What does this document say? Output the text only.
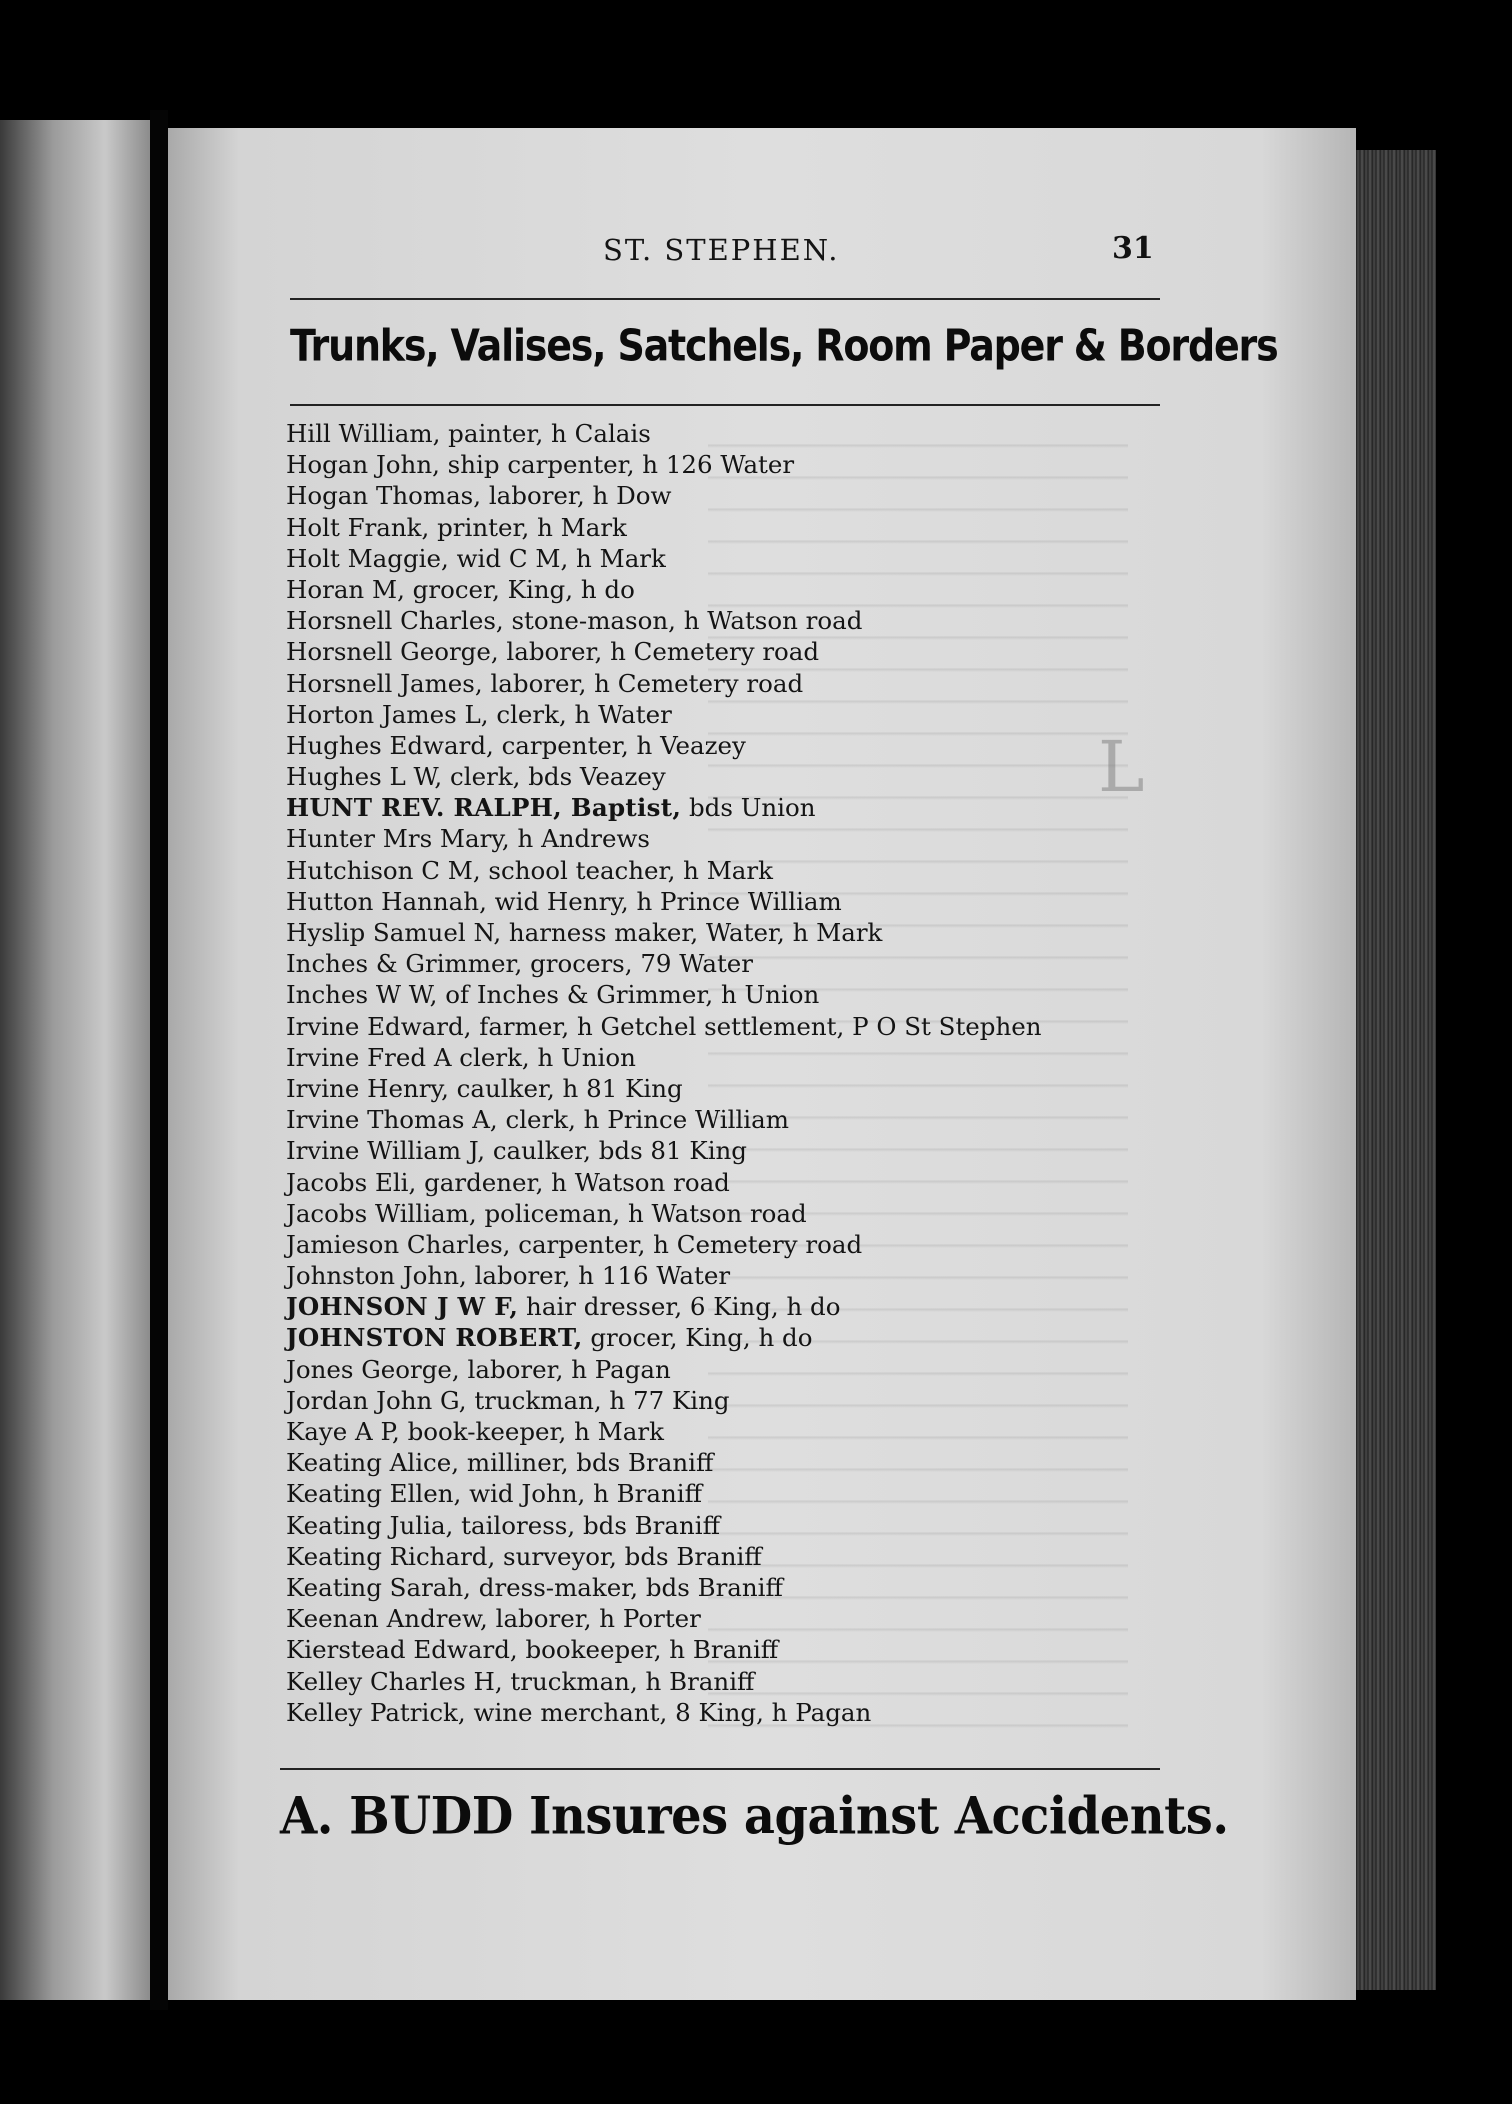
ST. STEPHEN.	31
Trunks, Valises, Satchels, Room Paper & Borders
L
Hill William, painter, h Calais
Hogan John, ship carpenter, h 126 Water
Hogan Thomas, laborer, h Dow
Holt Frank, printer, h Mark
Holt Maggie, wid C M, h Mark
Horan M, grocer, King, h do
Horsnell Charles, stone-mason, h Watson road
Horsnell George, laborer, h Cemetery road
Horsnell James, laborer, h Cemetery road
Horton James L, clerk, h Water
Hughes Edward, carpenter, h Veazey
Hughes L W, clerk, bds Veazey
HUNT REV. RALPH, Baptist, bds Union
Hunter Mrs Mary, h Andrews
Hutchison C M, school teacher, h Mark
Hutton Hannah, wid Henry, h Prince William
Hyslip Samuel N, harness maker, Water, h Mark
Inches & Grimmer, grocers, 79 Water
Inches W W, of Inches & Grimmer, h Union
Irvine Edward, farmer, h Getchel settlement, P O St Stephen
Irvine Fred A clerk, h Union
Irvine Henry, caulker, h 81 King
Irvine Thomas A, clerk, h Prince William
Irvine William J, caulker, bds 81 King
Jacobs Eli, gardener, h Watson road
Jacobs William, policeman, h Watson road
Jamieson Charles, carpenter, h Cemetery road
Johnston John, laborer, h 116 Water
JOHNSON J W F, hair dresser, 6 King, h do
JOHNSTON ROBERT, grocer, King, h do
Jones George, laborer, h Pagan
Jordan John G, truckman, h 77 King
Kaye A P, book-keeper, h Mark
Keating Alice, milliner, bds Braniff
Keating Ellen, wid John, h Braniff
Keating Julia, tailoress, bds Braniff
Keating Richard, surveyor, bds Braniff
Keating Sarah, dress-maker, bds Braniff
Keenan Andrew, laborer, h Porter
Kierstead Edward, bookeeper, h Braniff
Kelley Charles H, truckman, h Braniff
Kelley Patrick, wine merchant, 8 King, h Pagan
A. BUDD Insures against Accidents.
